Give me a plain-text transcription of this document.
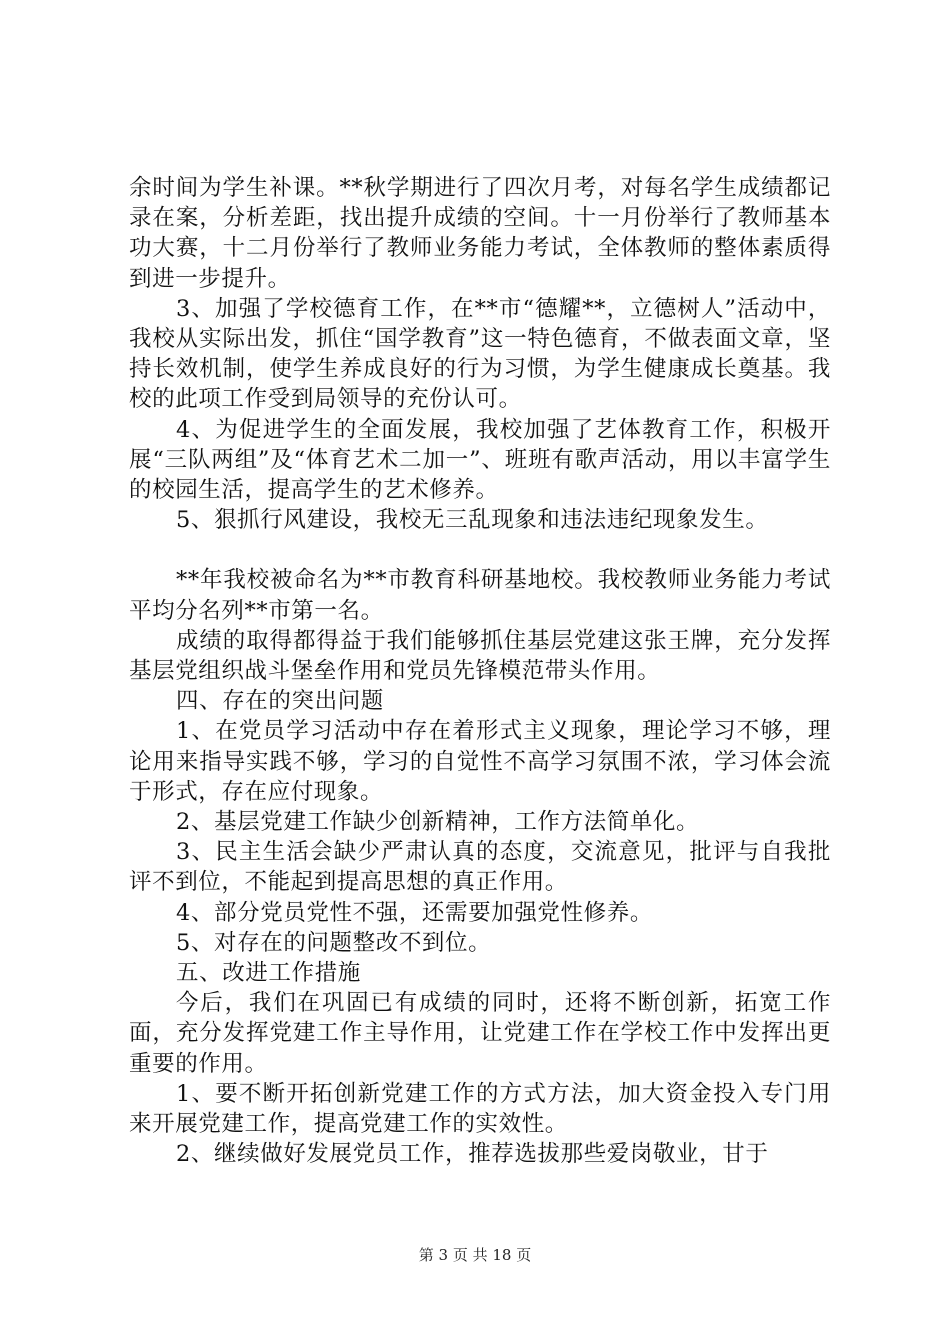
余时间为学生补课。**秋学期进行了四次月考，对每名学生成绩都记录在案，分析差距，找出提升成绩的空间。十一月份举行了教师基本功大赛，十二月份举行了教师业务能力考试，全体教师的整体素质得到进一步提升。

3、加强了学校德育工作，在**市“德耀**，立德树人”活动中，我校从实际出发，抓住“国学教育”这一特色德育，不做表面文章，坚持长效机制，使学生养成良好的行为习惯，为学生健康成长奠基。我校的此项工作受到局领导的充份认可。

4、为促进学生的全面发展，我校加强了艺体教育工作，积极开展“三队两组”及“体育艺术二加一”、班班有歌声活动，用以丰富学生的校园生活，提高学生的艺术修养。

5、狠抓行风建设，我校无三乱现象和违法违纪现象发生。

**年我校被命名为**市教育科研基地校。我校教师业务能力考试平均分名列**市第一名。

成绩的取得都得益于我们能够抓住基层党建这张王牌，充分发挥基层党组织战斗堡垒作用和党员先锋模范带头作用。

四、存在的突出问题

1、在党员学习活动中存在着形式主义现象，理论学习不够，理论用来指导实践不够，学习的自觉性不高学习氛围不浓，学习体会流于形式，存在应付现象。

2、基层党建工作缺少创新精神，工作方法简单化。

3、民主生活会缺少严肃认真的态度，交流意见，批评与自我批评不到位，不能起到提高思想的真正作用。

4、部分党员党性不强，还需要加强党性修养。

5、对存在的问题整改不到位。

五、改进工作措施

今后，我们在巩固已有成绩的同时，还将不断创新，拓宽工作面，充分发挥党建工作主导作用，让党建工作在学校工作中发挥出更重要的作用。

1、要不断开拓创新党建工作的方式方法，加大资金投入专门用来开展党建工作，提高党建工作的实效性。

2、继续做好发展党员工作，推荐选拔那些爱岗敬业，甘于

第 3 页 共 18 页
